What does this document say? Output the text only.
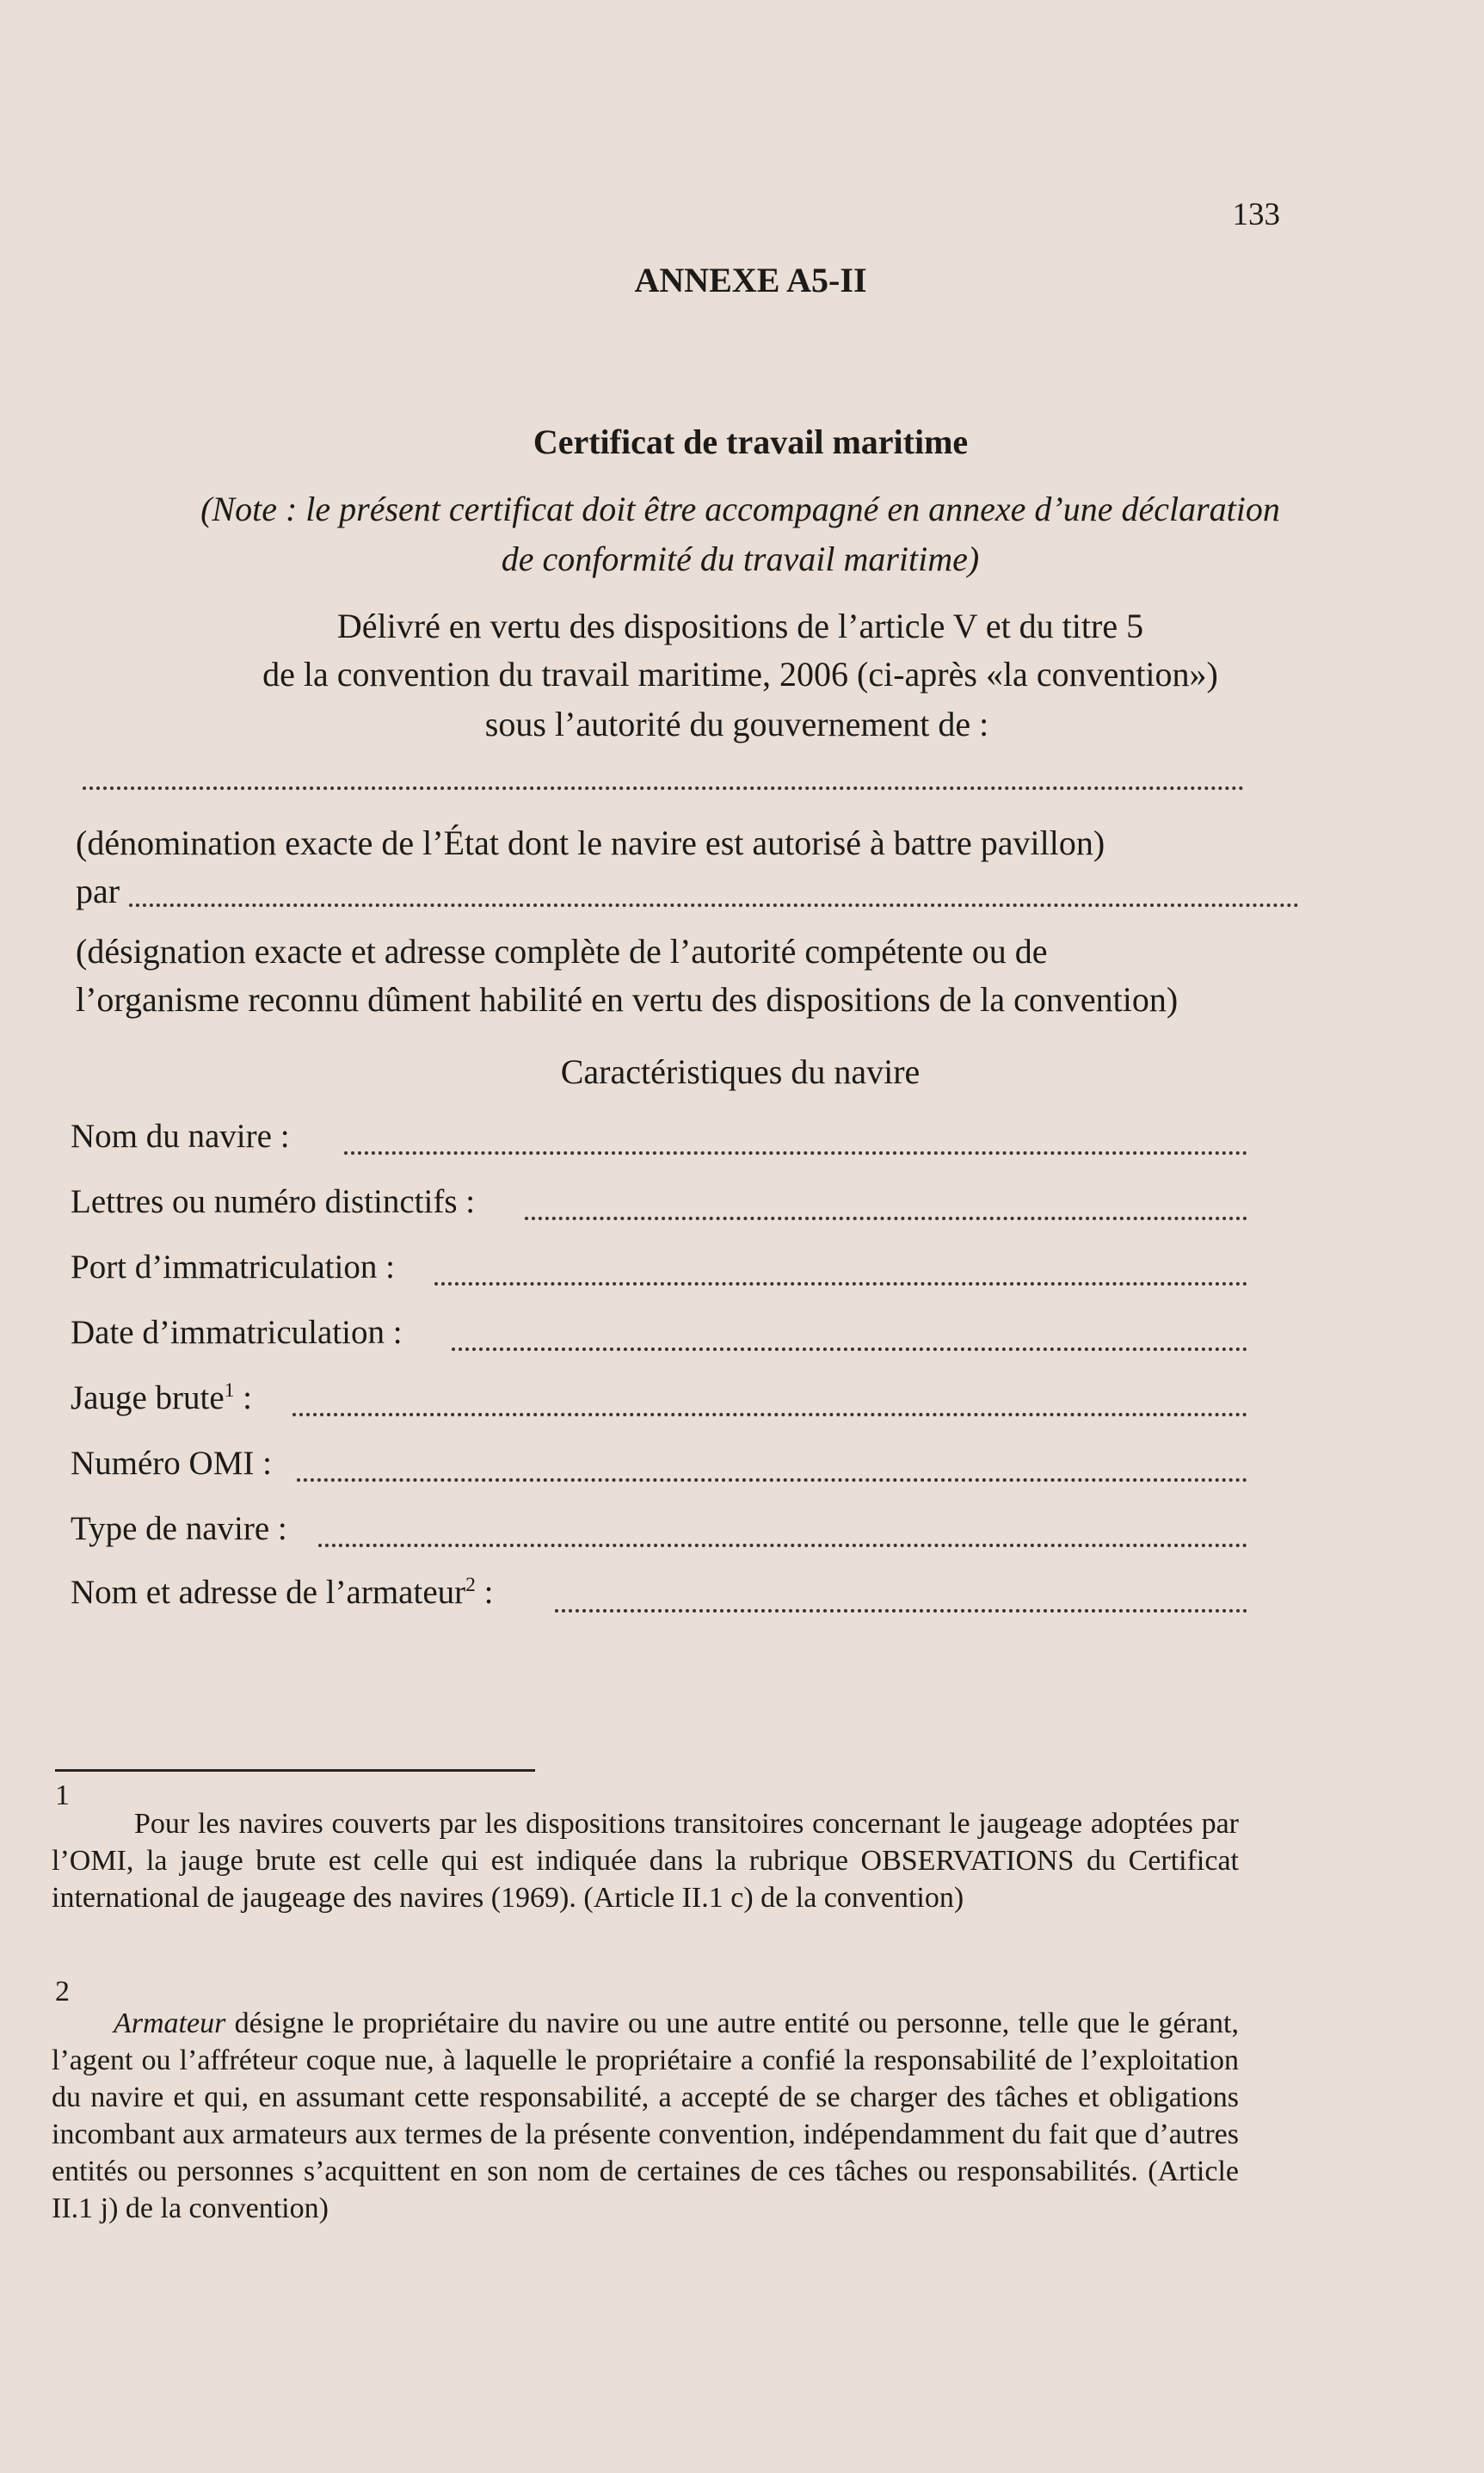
133
ANNEXE A5-II
Certificat de travail maritime
(Note : le présent certificat doit être accompagné en annexe d’une déclaration
de conformité du travail maritime)
Délivré en vertu des dispositions de l’article V et du titre 5
de la convention du travail maritime, 2006 (ci-après «la convention»)
sous l’autorité du gouvernement de :
(dénomination exacte de l’État dont le navire est autorisé à battre pavillon)
par
(désignation exacte et adresse complète de l’autorité compétente ou de
l’organisme reconnu dûment habilité en vertu des dispositions de la convention)
Caractéristiques du navire
Nom du navire :
Lettres ou numéro distinctifs :
Port d’immatriculation :
Date d’immatriculation :
Jauge brute$^1$ :
Numéro OMI :
Type de navire :
Nom et adresse de l’armateur$^2$ :
1
Pour les navires couverts par les dispositions transitoires concernant le jaugeage adoptées par l’OMI, la jauge brute est celle qui est indiquée dans la rubrique OBSERVATIONS du Certificat international de jaugeage des navires (1969). (Article II.1 c) de la convention)
2
Armateur désigne le propriétaire du navire ou une autre entité ou personne, telle que le gérant, l’agent ou l’affréteur coque nue, à laquelle le propriétaire a confié la responsabilité de l’exploitation du navire et qui, en assumant cette responsabilité, a accepté de se charger des tâches et obligations incombant aux armateurs aux termes de la présente convention, indépendamment du fait que d’autres entités ou personnes s’acquittent en son nom de certaines de ces tâches ou responsabilités. (Article II.1 j) de la convention)
